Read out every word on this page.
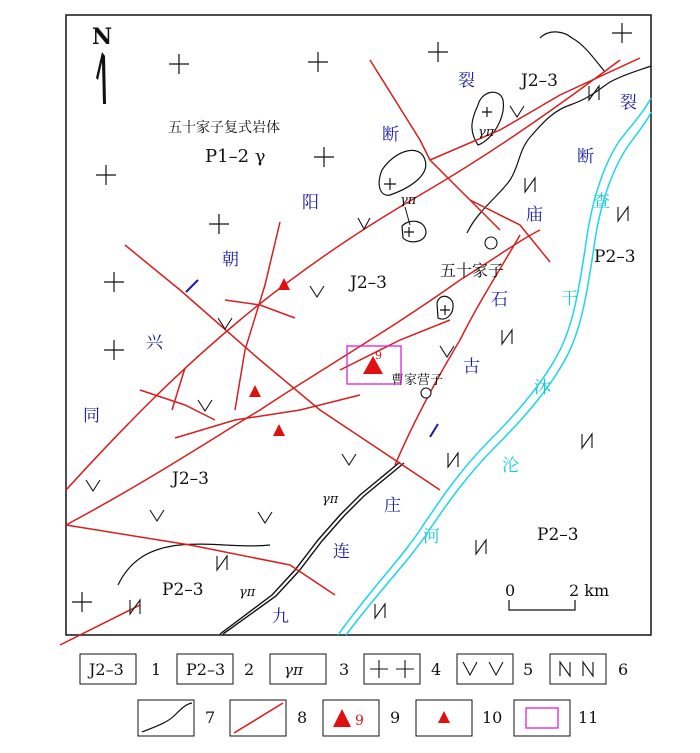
N
五十家子复式岩体
P1–2 γ
J2–3
J2–3
J2–3
P2–3
P2–3
P2–3
γπ
γπ
γπ
γπ
裂
断
阳
朝
兴
同
裂
断
庙
石
古
庄
连
九
查
干
沐
沦
河
五十家子
曹家营子
9
0	2 km
J2–3 1 P2–3 2 γπ 3	4	5	6
7	8	9 9	10	11
